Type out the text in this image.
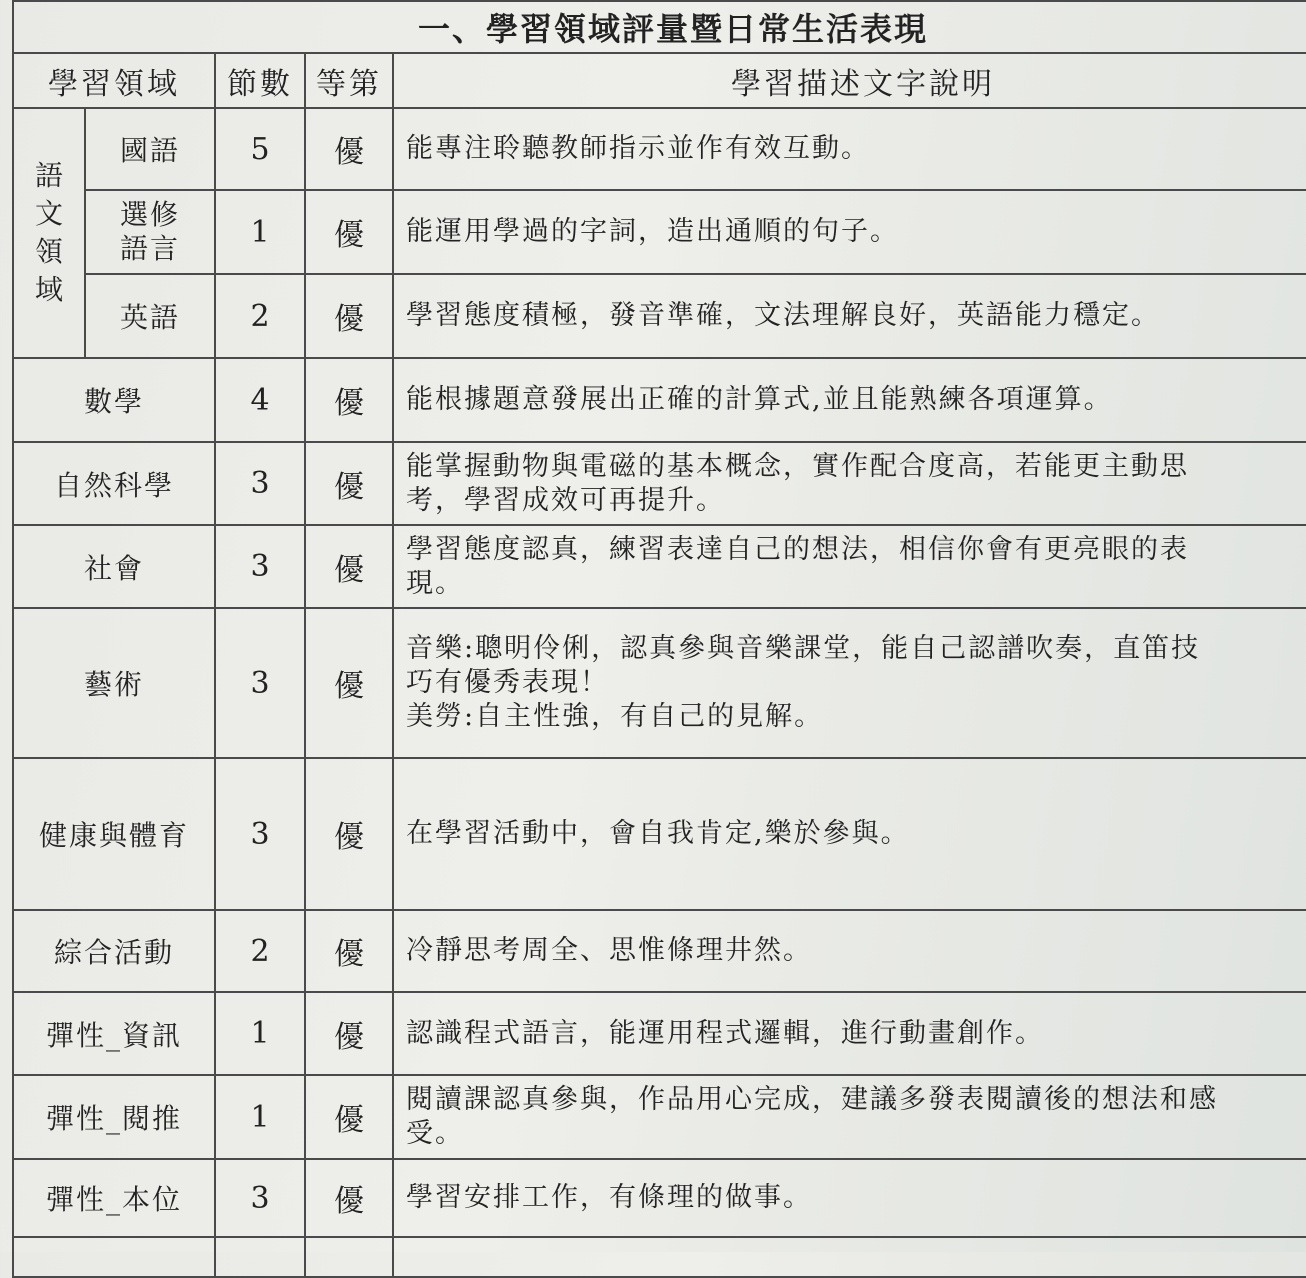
一、學習領域評量暨日常生活表現				
學習領域		節數	等第	學習描述文字說明

語
文
領
域	國語	5	優	能專注聆聽教師指示並作有效互動。

	選修
語言	1	優	能運用學過的字詞，造出通順的句子。

	英語	2	優	學習態度積極，發音準確，文法理解良好，英語能力穩定。

數學		4	優	能根據題意發展出正確的計算式,並且能熟練各項運算。

自然科學		3	優	能掌握動物與電磁的基本概念，實作配合度高，若能更主動思
考，學習成效可再提升。

社會		3	優	學習態度認真，練習表達自己的想法，相信你會有更亮眼的表
現。

藝術		3	優	音樂:聰明伶俐，認真參與音樂課堂，能自己認譜吹奏，直笛技
巧有優秀表現！
美勞:自主性強，有自己的見解。

健康與體育		3	優	在學習活動中，會自我肯定,樂於參與。

綜合活動		2	優	冷靜思考周全、思惟條理井然。

彈性_資訊		1	優	認識程式語言，能運用程式邏輯，進行動畫創作。

彈性_閱推		1	優	閱讀課認真參與，作品用心完成，建議多發表閱讀後的想法和感
受。

彈性_本位		3	優	學習安排工作，有條理的做事。
